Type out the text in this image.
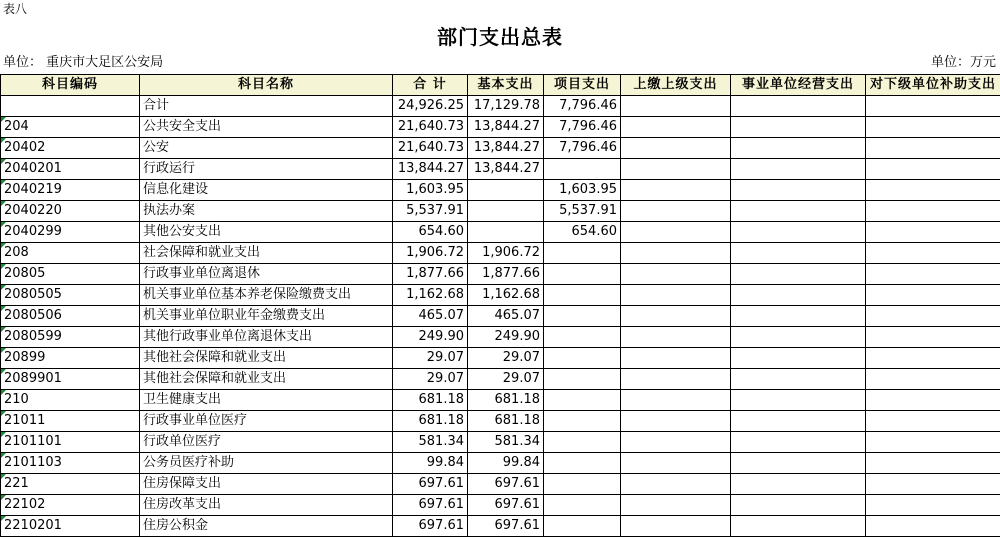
表八
部门支出总表
单位： 重庆市大足区公安局	单位：万元
科目编码	科目名称	合 计	基本支出	项目支出	上缴上级支出	事业单位经营支出	对下级单位补助支出
	合计	24,926.25	17,129.78	7,796.46			
204	公共安全支出	21,640.73	13,844.27	7,796.46			
20402	公安	21,640.73	13,844.27	7,796.46			
2040201	行政运行	13,844.27	13,844.27				
2040219	信息化建设	1,603.95		1,603.95			
2040220	执法办案	5,537.91		5,537.91			
2040299	其他公安支出	654.60		654.60			
208	社会保障和就业支出	1,906.72	1,906.72				
20805	行政事业单位离退休	1,877.66	1,877.66				
2080505	机关事业单位基本养老保险缴费支出	1,162.68	1,162.68				
2080506	机关事业单位职业年金缴费支出	465.07	465.07				
2080599	其他行政事业单位离退休支出	249.90	249.90				
20899	其他社会保障和就业支出	29.07	29.07				
2089901	其他社会保障和就业支出	29.07	29.07				
210	卫生健康支出	681.18	681.18				
21011	行政事业单位医疗	681.18	681.18				
2101101	行政单位医疗	581.34	581.34				
2101103	公务员医疗补助	99.84	99.84				
221	住房保障支出	697.61	697.61				
22102	住房改革支出	697.61	697.61				
2210201	住房公积金	697.61	697.61				
